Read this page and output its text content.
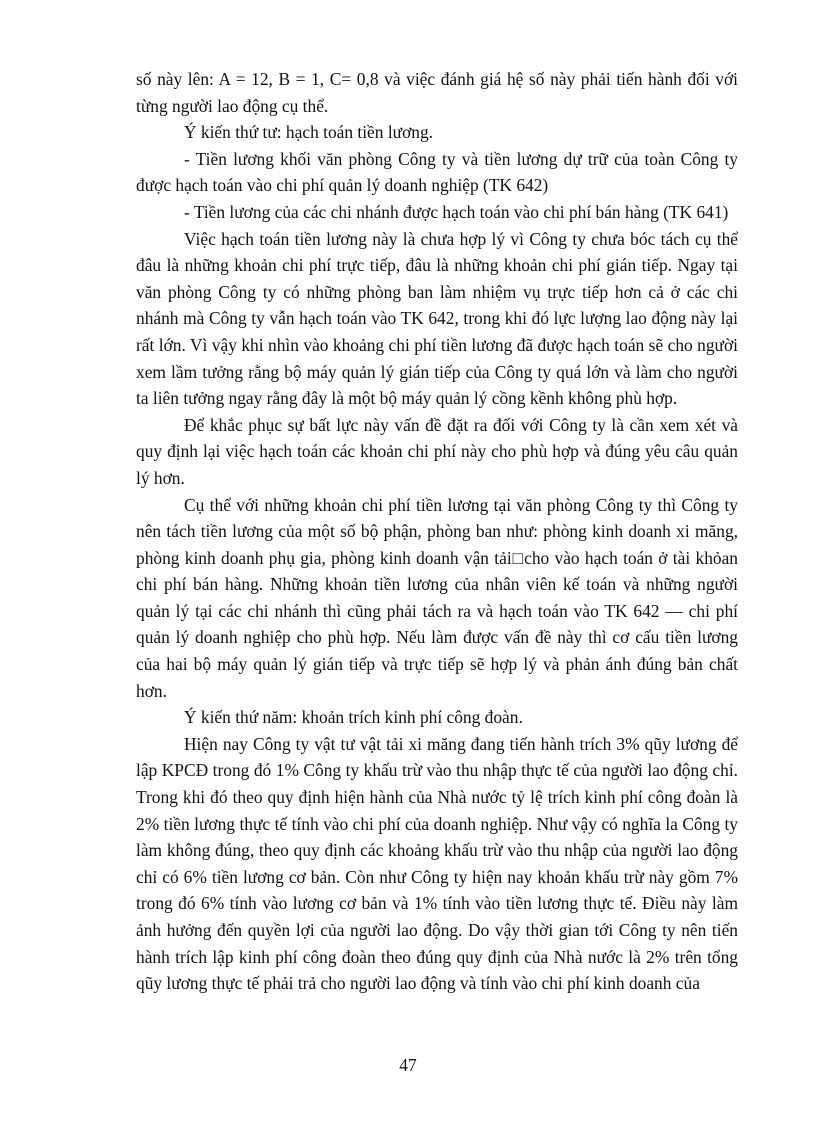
số này lên: A = 12, B = 1, C= 0,8 và việc đánh giá hệ số này phải tiến hành đối với từng người lao động cụ thể.

Ý kiến thứ tư: hạch toán tiền lương.

- Tiền lương khối văn phòng Công ty và tiền lương dự trữ của toàn Công ty được hạch toán vào chi phí quản lý doanh nghiệp (TK 642)

- Tiền lương của các chi nhánh được hạch toán vào chi phí bán hàng (TK 641)

Việc hạch toán tiền lương này là chưa hợp lý vì Công ty chưa bóc tách cụ thể đâu là những khoản chi phí trực tiếp, đâu là những khoản chi phí gián tiếp. Ngay tại văn phòng Công ty có những phòng ban làm nhiệm vụ trực tiếp hơn cả ở các chi nhánh mà Công ty vẫn hạch toán vào TK 642, trong khi đó lực lượng lao động này lại rất lớn. Vì vậy khi nhìn vào khoảng chi phí tiền lương đã được hạch toán sẽ cho người xem lầm tưởng rằng bộ máy quản lý gián tiếp của Công ty quá lớn và làm cho người ta liên tưởng ngay rằng đây là một bộ máy quản lý cồng kềnh không phù hợp.

Để khắc phục sự bất lực này vấn đề đặt ra đối với Công ty là cần xem xét và quy định lại việc hạch toán các khoản chi phí này cho phù hợp và đúng yêu câu quản lý hơn.

Cụ thể với những khoản chi phí tiền lương tại văn phòng Công ty thì Công ty nên tách tiền lương của một số bộ phận, phòng ban như: phòng kinh doanh xi măng, phòng kinh doanh phụ gia, phòng kinh doanh vận tải□cho vào hạch toán ở tài khỏan chi phí bán hàng. Những khoản tiền lương của nhân viên kế toán và những người quản lý tại các chi nhánh thì cũng phải tách ra và hạch toán vào TK 642 — chi phí quản lý doanh nghiệp cho phù hợp. Nếu làm được vấn đề này thì cơ cấu tiền lương của hai bộ máy quản lý gián tiếp và trực tiếp sẽ hợp lý và phản ánh đúng bản chất hơn.

Ý kiến thứ năm: khoản trích kinh phí công đoàn.

Hiện nay Công ty vật tư vật tải xi măng đang tiến hành trích 3% qũy lương để lập KPCĐ trong đó 1% Công ty khấu trừ vào thu nhập thực tế của người lao động chỉ. Trong khi đó theo quy định hiện hành của Nhà nước tỷ lệ trích kinh phí công đoàn là 2% tiền lương thực tế tính vào chi phí của doanh nghiệp. Như vậy có nghĩa la Công ty làm không đúng, theo quy định các khoảng khấu trừ vào thu nhập của người lao động chỉ có 6% tiền lương cơ bản. Còn như Công ty hiện nay khoản khấu trừ này gồm 7% trong đó 6% tính vào lương cơ bản và 1% tính vào tiền lương thực tế. Điều này làm ảnh hưởng đến quyền lợi của người lao động. Do vậy thời gian tới Công ty nên tiến hành trích lập kinh phí công đoàn theo đúng quy định của Nhà nước là 2% trên tổng qũy lương thực tế phải trả cho người lao động và tính vào chi phí kinh doanh của

47
